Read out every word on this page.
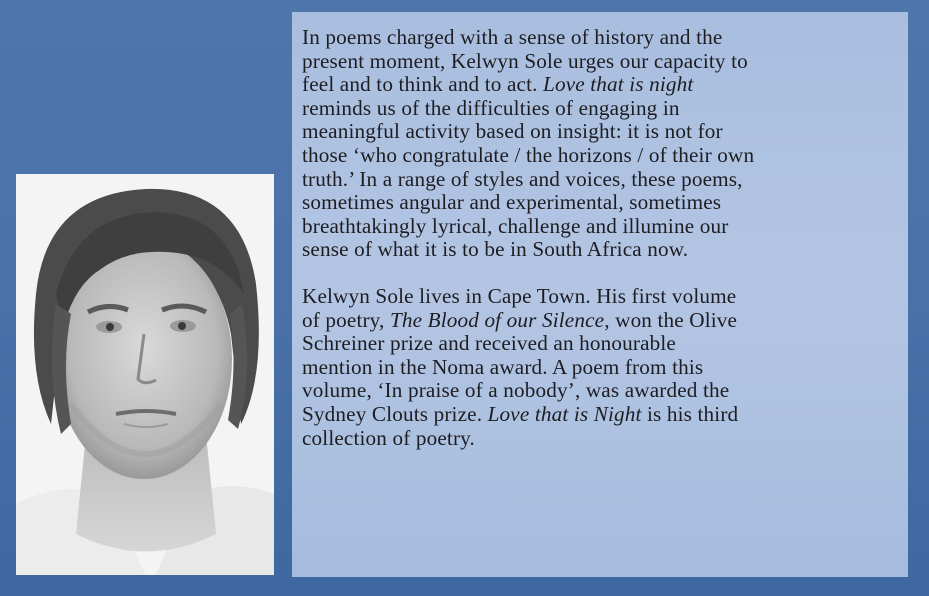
In poems charged with a sense of history and the
present moment, Kelwyn Sole urges our capacity to
feel and to think and to act. Love that is night
reminds us of the difficulties of engaging in
meaningful activity based on insight: it is not for
those ‘who congratulate / the horizons / of their own
truth.’ In a range of styles and voices, these poems,
sometimes angular and experimental, sometimes
breathtakingly lyrical, challenge and illumine our
sense of what it is to be in South Africa now.

Kelwyn Sole lives in Cape Town. His first volume
of poetry, The Blood of our Silence, won the Olive
Schreiner prize and received an honourable
mention in the Noma award. A poem from this
volume, ‘In praise of a nobody’, was awarded the
Sydney Clouts prize. Love that is Night is his third
collection of poetry.
